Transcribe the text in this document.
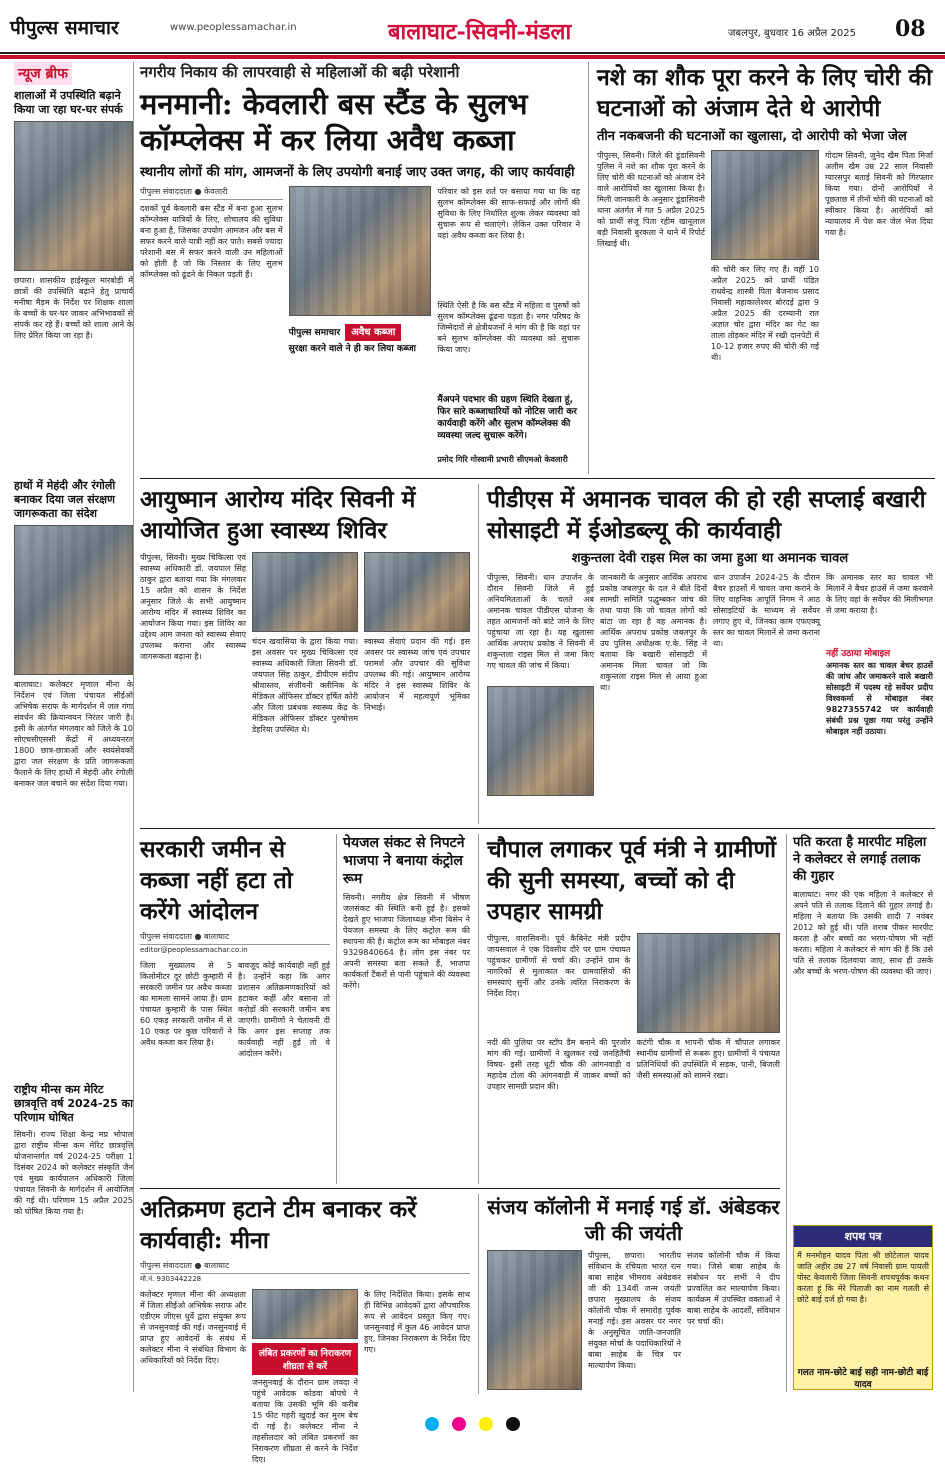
पीपुल्स समाचार	www.peoplessamachar.in	बालाघाट-सिवनी-मंडला	जबलपुर, बुधवार 16 अप्रैल 2025 08
न्यूज ब्रीफ
शालाओं में उपस्थिति बढ़ाने किया जा रहा घर-घर संपर्क
छपारा। शासकीय हाईस्कूल मारबोड़ी में छात्रों की उपस्थिति बढ़ाने हेतु प्राचार्य मनीषा मैड़म के निर्देश पर शिक्षक शाला के बच्चों के घर-घर जाकर अभिभावकों से संपर्क कर रहे हैं। बच्चों को शाला आने के लिए प्रेरित किया जा रहा है।
हाथों में मेहंदी और रंगोली बनाकर दिया जल संरक्षण जागरूकता का संदेश
बालाघाट। कलेक्टर मृणाल मीना के निर्देशन एवं जिला पंचायत सीईओ अभिषेक सराफ के मार्गदर्शन में जल गंगा संवर्धन की क्रियान्वयन निरंतर जारी है। इसी के अंतर्गत मंगलवार को जिले के 10 सोएचसीएससी केंद्रों में अध्ययनरत 1800 छात्र-छात्राओं और स्वयंसेवकों द्वारा जल संरक्षण के प्रति जागरूकता फैलाने के लिए हाथों में मेहंदी और रंगोली बनाकर जल बचाने का संदेश दिया गया।
राष्ट्रीय मीन्स कम मेरिट छात्रवृत्ति वर्ष 2024-25 का परिणाम घोषित
सिवनी। राज्य शिक्षा केन्द्र मप्र भोपाल द्वारा राष्ट्रीय मीन्स कम मेरिट छात्रवृत्ति योजनान्तर्गत वर्ष 2024-25 परीक्षा 1 दिसंबर 2024 को कलेक्टर संस्कृति जैन एवं मुख्य कार्यपालन अधिकारी जिला पंचायत सिवनी के मार्गदर्शन में आयोजित की गई थी। परिणाम 15 अप्रैल 2025 को घोषित किया गया है।
नगरीय निकाय की लापरवाही से महिलाओं की बढ़ी परेशानी
मनमानी: केवलारी बस स्टैंड के सुलभ कॉम्प्लेक्स में कर लिया अवैध कब्जा
स्थानीय लोगों की मांग, आमजनों के लिए उपयोगी बनाई जाए उक्त जगह, की जाए कार्यवाही
पीपुल्स संवाददाता ● केवलारी
दशकों पूर्व केवलारी बस स्टैंड में बना हुआ सुलभ कॉम्प्लेक्स यात्रियों के लिए, शोचालय की सुविधा बना हुआ है, जिसका उपयोग आमजन और बस में सफर करने वाले यात्री नहीं कर पाते। सबसे ज्यादा परेशानी बस में सफर करने वाली उन महिलाओं को होती है जो कि निस्तार के लिए सुलभ कॉम्प्लेक्स को ढूंढने के निकल पड़ती हैं।
पीपुल्स समाचार अवैध कब्जा
सुरक्षा करने वाले ने ही कर लिया कब्जा
परिवार को इस शर्त पर बसाया गया था कि वह सुलभ कॉम्प्लेक्स की साफ-सफाई और लोगों की सुविधा के लिए निर्धारित शुल्क लेकर व्यवस्था को सुचारू रूप से चलाएंगे। लेकिन उक्त परिवार ने यहां अवैध कब्जा कर लिया है।
स्थिति ऐसी है कि बस स्टैंड में महिला व पुरुषों को सुलभ कॉम्प्लेक्स ढूंढना पड़ता है। नगर परिषद के जिम्मेदारों से क्षेत्रीयजनों ने मांग की है कि वहां पर बने सुलभ कॉम्प्लेक्स की व्यवस्था को सुचारू किया जाए।
मैंअपने पदभार की ग्रहण स्थिति देखता हूं, फिर सारे कब्जाधारियों को नोटिस जारी कर कार्यवाही करेंगे और सुलभ कॉम्प्लेक्स की व्यवस्था जल्द सुचारू करेंगे।
प्रमोद गिरि गोस्वामी प्रभारी सीएमओ केवलारी
नशे का शौक पूरा करने के लिए चोरी की घटनाओं को अंजाम देते थे आरोपी
तीन नकबजनी की घटनाओं का खुलासा, दो आरोपी को भेजा जेल
पीपुल्स, सिवनी। जिले की डूंडासिवनी पुलिस ने नशे का शौक पूरा करने के लिए चोरी की घटनाओं को अंजाम देने वाले आरोपियों का खुलासा किया है। मिली जानकारी के अनुसार डूंडासिवनी थाना अंतर्गत में गत 5 अप्रैल 2025 को प्रार्थी संजू पिता रहीम खानूलाल बड़ी निवासी बुरकला ने थाने में रिपोर्ट लिखाई थी।
की चोरी कर लिए गए हैं। वहीं 10 अप्रैल 2025 को प्रार्थी पंडित राधवेन्द्र शास्त्री पिता बैजनाथ प्रसाद निवासी महाकालेश्वर बोरदई द्वारा 9 अप्रैल 2025 की दरम्यानी रात अज्ञात चोर द्वारा मंदिर का गेट का ताला तोड़कर मंदिर में रखी दानपेटी में 10-12 हजार रुपए की चोरी की गई थी।
गोदाम सिवनी, जुनेद खैम पिता मिर्जा अलीम खैम उम्र 22 साल निवासी ग्यारसपुर बताई सिवनी को गिरफ्तार किया गया। दोनों आरोपियों ने पूछताछ में तीनों चोरी की घटनाओं को स्वीकार किया है। आरोपियों को न्यायालय में पेश कर जेल भेज दिया गया है।
आयुष्मान आरोग्य मंदिर सिवनी में आयोजित हुआ स्वास्थ्य शिविर
पीपुल्स, सिवनी। मुख्य चिकित्सा एवं स्वास्थ्य अधिकारी डॉ. जयपाल सिंह ठाकुर द्वारा बताया गया कि मंगलवार 15 अप्रैल को शासन के निर्देश अनुसार जिले के सभी आयुष्मान आरोग्य मंदिर में स्वास्थ्य शिविर का आयोजन किया गया। इस शिविर का उद्देश्य आम जनता को स्वास्थ्य सेवाएं उपलब्ध कराना और स्वास्थ्य जागरूकता बढ़ाना है।
चंदन खवासिया के द्वारा किया गया। इस अवसर पर मुख्य चिकित्सा एवं स्वास्थ्य अधिकारी जिला सिवनी डॉ. जयपाल सिंह ठाकुर, डीपीएम संदीप श्रीवास्तव, संजीवनी क्लीनिक के मेडिकल ऑफिसर डॉक्टर हर्षित कोरी और जिला प्रबंधक स्वास्थ्य केंद्र के मेडिकल ऑफिसर डॉक्टर पुरुषोत्तम डेहरिया उपस्थित थे।
स्वास्थ्य सेवाएं प्रदान की गई। इस अवसर पर स्वास्थ्य जांच एवं उपचार परामर्श और उपचार की सुविधा उपलब्ध की गई। आयुष्मान आरोग्य मंदिर ने इस स्वास्थ्य शिविर के आयोजन में महत्वपूर्ण भूमिका निभाई।
पीडीएस में अमानक चावल की हो रही सप्लाई बखारी सोसाइटी में ईओडब्ल्यू की कार्यवाही
शकुन्तला देवी राइस मिल का जमा हुआ था अमानक चावल
पीपुल्स, सिवनी। धान उपार्जन के दौरान सिवनी जिले में हुई अनियमितताओं के चलते अब अमानक चावल पीडीएस योजना के तहत आमजनों को बांटे जाने के लिए पहुंचाया जा रहा है। यह खुलासा आर्थिक अपराध प्रकोष्ठ ने सिवनी में शकुन्तला राइस मिल से जमा किए गए चावल की जांच में किया।
जानकारी के अनुसार आर्थिक अपराध प्रकोष्ठ जबलपुर के दल ने बीते दिनों सामग्री समिति पद्धुम्बकर जांच की तथा पाया कि जो चावल लोगों को बांटा जा रहा है वह अमानक है। आर्थिक अपराध प्रकोष्ठ जबलपुर के उप पुलिस अधीक्षक ए.के. सिंह ने बताया कि बखारी सोसाइटी में अमानक मिला चावल जो कि शकुन्तला राइस मिल से आया हुआ था।
धान उपार्जन 2024-25 के दौरान बैचर हाउसों में चावल जमा कराने के लिए वाहनिक आपूर्ति निगम ने आठ सोसाइटियों के माध्यम से सर्वेयर लगाए हुए थे, जिनका काम एफएक्यू स्तर का चावल मिलानें से जमा कराना था।
कि अमानक स्तर का चावल भी मिलानें ने बैचर हाउसें में जमा करवाने के लिए वहां के सर्वेयर की मिलीभगत से जमा कराया है।
नहीं उठाया मोबाइल
अमानक स्तर का चावल बेचर हाउसें की जांच और जमाकरने वाले बखारी सोसाइटी में पदस्थ रहे सर्वेयर प्रदीप विश्वकर्मा से मोबाइल नंबर 9827355742 पर कार्यवाही संबंधी प्रश्न पूछा गया परंतु उन्होंने मोबाइल नहीं उठाया।
सरकारी जमीन से कब्जा नहीं हटा तो करेंगे आंदोलन
पीपुल्स संवाददाता ● बालाघाट
editor@peoplessamachar.co.in
जिला मुख्यालय से 5 किलोमीटर दूर छोटी कुम्हारी में सरकारी जमीन पर अवैध कब्जा का मामला सामने आया है। ग्राम पंचायत कुम्हारी के पास स्थित 60 एकड़ सरकारी जमीन में से 10 एकड़ पर कुछ परिवारों ने अवैध कब्जा कर लिया है।
बावजूद कोई कार्यवाही नहीं हुई है। उन्होंने कहा कि अगर प्रशासन अतिक्रमणकारियों को हटाकर कहीं और बसाना तो करोड़ों की सरकारी जमीन बच जाएगी। ग्रामीणों ने चेतावनी दी कि अगर इस सप्ताह तक कार्यवाही नहीं हुई तो वे आंदोलन करेंगे।
पेयजल संकट से निपटने भाजपा ने बनाया कंट्रोल रूम
सिवनी। नगरीय क्षेत्र सिवनी में भीषण जलसंकट की स्थिति बनी हुई है। इसको देखते हुए भाजपा जिलाध्यक्ष मीना बिसेन ने पेयजल समस्या के लिए कंट्रोल रूम की स्थापना की है। कंट्रोल रूम का मोबाइल नंबर 9329840664 है। लोग इस नंबर पर अपनी समस्या बता सकते हैं, भाजपा कार्यकर्ता टैंकरों से पानी पहुंचाने की व्यवस्था करेंगे।
चौपाल लगाकर पूर्व मंत्री ने ग्रामीणों की सुनी समस्या, बच्चों को दी उपहार सामग्री
पीपुल्स, वारासिवनी। पूर्व कैबिनेट मंत्री प्रदीप जायसवाल ने एक दिवसीय दौरे पर ग्राम पंचायत पहुंचकर ग्रामीणों से चर्चा की। उन्होंने ग्राम के नागरिकों से मुलाकात कर ग्रामवासियों की समस्याएं सुनीं और उनके त्वरित निराकरण के निर्देश दिए।
नदी की पुलिया पर स्टॉप डैम बनाने की पुरजोर मांग की गई। ग्रामीणों ने खुलकर रखे जनहितैषी विषय- इसी तरह धूटी चौक की आंगनवाड़ी व महादेव टोला की आंगनवाड़ी में जाकर बच्चों को उपहार सामग्री प्रदान की।
कटंगी चौक व भापनी चौक में चौपाल लगाकर स्थानीय ग्रामीणों से रूबरू हुए। ग्रामीणों ने पंचायत प्रतिनिधियों की उपस्थिति में सड़क, पानी, बिजली जैसी समस्याओं को सामने रखा।
पति करता है मारपीट महिला ने कलेक्टर से लगाई तलाक की गुहार
बालाघाट। नगर की एक महिला ने कलेक्टर से अपने पति से तलाक दिलाने की गुहार लगाई है। महिला ने बताया कि उसकी शादी 7 नवंबर 2012 को हुई थी। पति शराब पीकर मारपीट करता है और बच्चों का भरण-पोषण भी नहीं करता। महिला ने कलेक्टर से मांग की है कि उसे पति से तलाक दिलवाया जाए, साथ ही उसके और बच्चों के भरण-पोषण की व्यवस्था की जाए।
शपथ पत्र
मैं मनमोहन यादव पिता श्री छोटेलाल यादव जाति अहीर उम्र 27 वर्ष निवासी ग्राम पायली पोस्ट केवलारी जिला सिवनी शपथपूर्वक कथन करता हूं कि मेरे पिताजी का नाम गलती से छोटे बाई दर्ज हो गया है।
गलत नाम-छोटे बाई सही नाम-छोटी बाई यादव
अतिक्रमण हटाने टीम बनाकर करें कार्यवाही: मीना
पीपुल्स संवाददाता ● बालाघाट
मो.नं. 9303442228
कलेक्टर मृणाल मीना की अध्यक्षता में जिला सीईओ अभिषेक सराफ और एडीएम जीएस धुर्वे द्वारा संयुक्त रूप से जनसुनवाई की गई। जनसुनवाई में प्राप्त हुए आवेदनों के संबंध में कलेक्टर मीना ने संबंधित विभाग के अधिकारियों को निर्देश दिए।
लंबित प्रकरणों का निराकरण शीघ्रता से करें
जनसुनवाई के दौरान ग्राम लवदा ने पहुंचे आवेदक कोडवा बोपचे ने बताया कि उसकी भूमि की करीब 15 फीट गहरी खुदाई कर मुरम बेच दी गई है। कलेक्टर मीना ने तहसीलदार को लंबित प्रकरणों का निराकरण शीघ्रता से करने के निर्देश दिए।
के लिए निर्देशित किया। इसके साथ ही विभिन्न आवेदकों द्वारा औपचारिक रूप से आवेदन प्रस्तुत किए गए। जनसुनवाई में कुल 46 आवेदन प्राप्त हुए, जिनका निराकरण के निर्देश दिए गए।
संजय कॉलोनी में मनाई गई डॉ. अंबेडकर जी की जयंती
पीपुल्स, छपारा। भारतीय संविधान के रचियता भारत रत्न बाबा साहेब भीमराव अंबेडकर जी की 134वीं जन्म जयंती छपारा मुख्यालय के संजय कॉलोनी चौक में समारोह पूर्वक मनाई गई। इस अवसर पर नगर के अनुसूचित जाति-जनजाति संयुक्त मोर्चा के पदाधिकारियों ने बाबा साहेब के चित्र पर माल्यार्पण किया।
संजय कॉलोनी चौक में किया गया। जिसे बाबा साहेब के संबोधन पर सभी ने दीप प्रज्वलित कर माल्यार्पण किया। कार्यक्रम में उपस्थित वक्ताओं ने बाबा साहेब के आदर्शों, संविधान पर चर्चा की।
